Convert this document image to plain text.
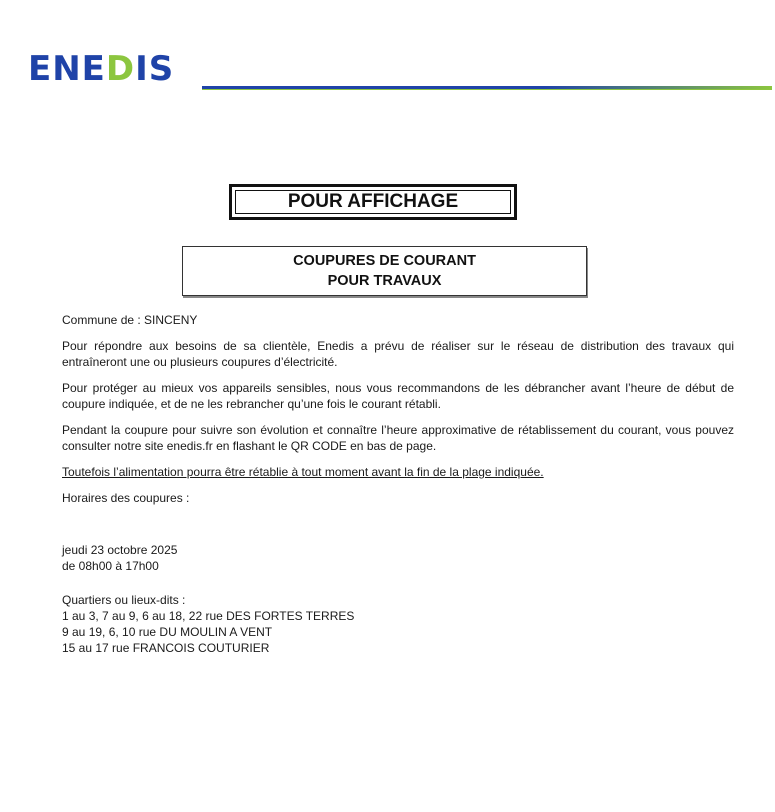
ENEDIS
POUR AFFICHAGE
COUPURES DE COURANT
POUR TRAVAUX

Commune de : SINCENY

Pour répondre aux besoins de sa clientèle, Enedis a prévu de réaliser sur le réseau de distribution des travaux qui entraîneront une ou plusieurs coupures d’électricité.

Pour protéger au mieux vos appareils sensibles, nous vous recommandons de les débrancher avant l’heure de début de coupure indiquée, et de ne les rebrancher qu’une fois le courant rétabli.

Pendant la coupure pour suivre son évolution et connaître l’heure approximative de rétablissement du courant, vous pouvez consulter notre site enedis.fr en flashant le QR CODE en bas de page.

Toutefois l’alimentation pourra être rétablie à tout moment avant la fin de la plage indiquée.

Horaires des coupures :

jeudi 23 octobre 2025

de 08h00 à 17h00

Quartiers ou lieux-dits :

1 au 3, 7 au 9, 6 au 18, 22 rue DES FORTES TERRES

9 au 19, 6, 10 rue DU MOULIN A VENT

15 au 17 rue FRANCOIS COUTURIER
